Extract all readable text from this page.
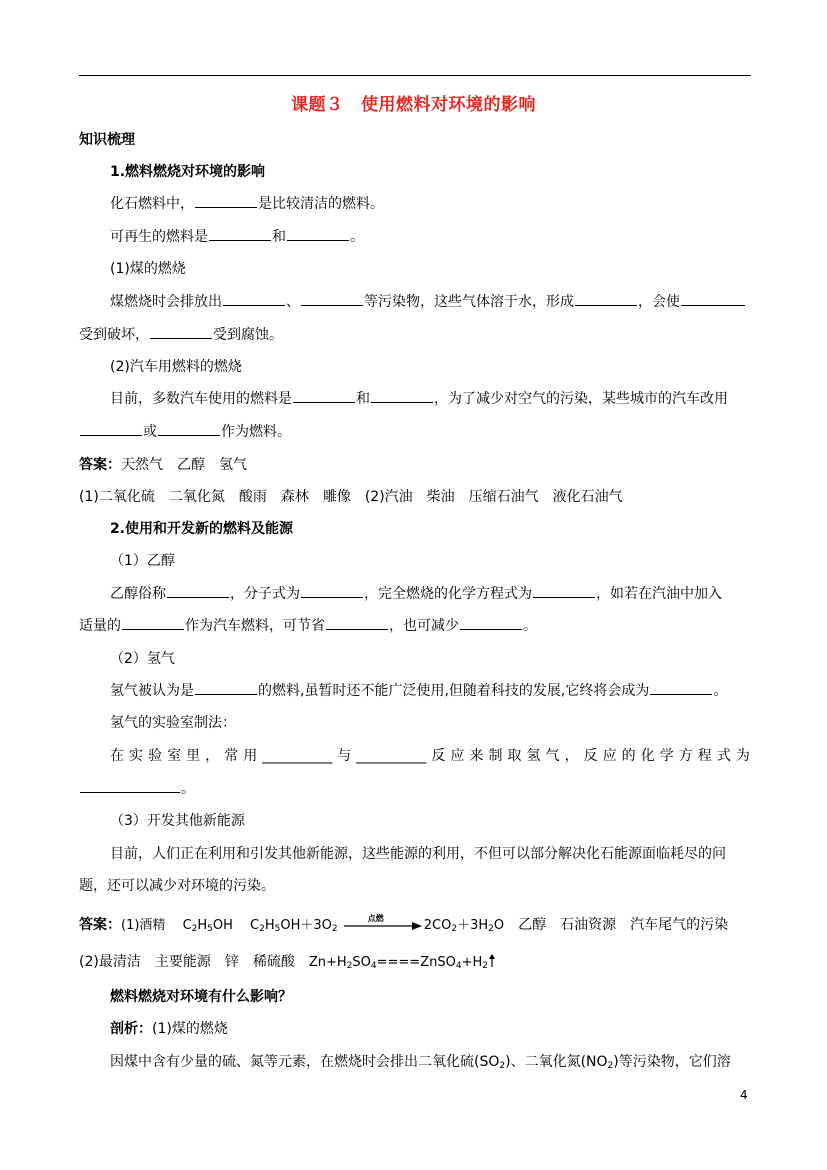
课题３　使用燃料对环境的影响
知识梳理
1.燃料燃烧对环境的影响
化石燃料中，	是比较清洁的燃料。
可再生的燃料是	和	。
(1)煤的燃烧
煤燃烧时会排放出	、	等污染物，这些气体溶于水，形成	，会使
受到破坏，	受到腐蚀。
(2)汽车用燃料的燃烧
目前，多数汽车使用的燃料是	和	，为了减少对空气的污染，某些城市的汽车改用
或	作为燃料。
答案：天然气　乙醇　氢气
(1)二氧化硫　二氧化氮　酸雨　森林　雕像　(2)汽油　柴油　压缩石油气　液化石油气
2.使用和开发新的燃料及能源
（1）乙醇
乙醇俗称	，分子式为	，完全燃烧的化学方程式为	，如若在汽油中加入
适量的	作为汽车燃料，可节省	，也可减少	。
（2）氢气
氢气被认为是	的燃料,虽暂时还不能广泛使用,但随着科技的发展,它终将会成为	。
氢气的实验室制法：
在 实 验 室 里 ， 常 用 __________ 与 __________ 反 应 来 制 取 氢 气 ， 反 应 的 化 学 方 程 式 为
。
（3）开发其他新能源
目前，人们正在利用和引发其他新能源，这些能源的利用，不但可以部分解决化石能源面临耗尽的问
题，还可以减少对环境的污染。
答案：(1)酒精　 $C_2H_5OH$　 $C_2H_5OH+3O_2$
点燃	$2CO_2+3H_2O$　乙醇　石油资源　汽车尾气的污染
(2)最清洁　主要能源　锌　稀硫酸　$Zn+H_2SO_4====ZnSO_4+H_2$
燃料燃烧对环境有什么影响？
剖析：(1)煤的燃烧
因煤中含有少量的硫、氮等元素，在燃烧时会排出二氧化硫$(SO_2)$、二氧化氮$(NO_2)$等污染物，它们溶
4
